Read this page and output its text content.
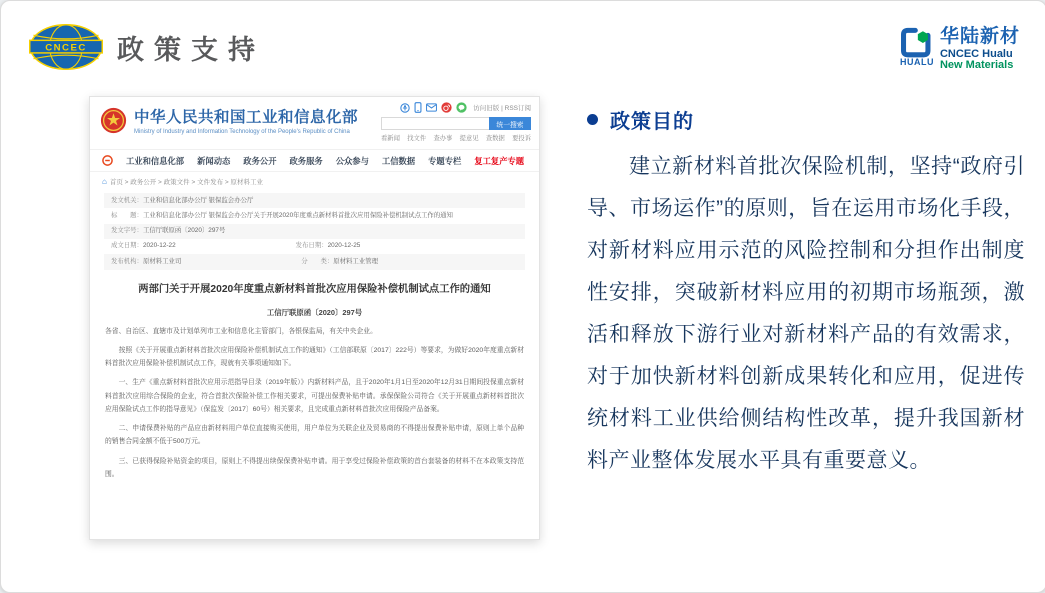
CNCEC 政策支持	HUALU
华陆新材
CNCEC Hualu
New Materials
中华人民共和国工业和信息化部
Ministry of Industry and Information Technology of the People's Republic of China
访问旧版 | RSS订阅
统一搜索
看新闻 找文件 查办事 提意见 查数据 要投诉
工业和信息化部 新闻动态 政务公开 政务服务 公众参与 工信数据 专题专栏 复工复产专题
⌂ 首页 > 政务公开 > 政策文件 > 文件发布 > 原材料工业
发文机关： 工业和信息化部办公厅 银保监会办公厅
标　　题： 工业和信息化部办公厅 银保监会办公厅关于开展2020年度重点新材料首批次应用保险补偿机制试点工作的通知
发文字号： 工信厅联原函〔2020〕297号
成文日期： 2020-12-22	发布日期： 2020-12-25
发布机构： 原材料工业司	分　　类： 原材料工业管理
两部门关于开展2020年度重点新材料首批次应用保险补偿机制试点工作的通知
工信厅联原函〔2020〕297号

各省、自治区、直辖市及计划单列市工业和信息化主管部门，各银保监局，有关中央企业。

按照《关于开展重点新材料首批次应用保险补偿机制试点工作的通知》（工信部联原〔2017〕222号）等要求，为做好2020年度重点新材料首批次应用保险补偿机制试点工作，现就有关事项通知如下。

一、生产《重点新材料首批次应用示范指导目录（2019年版）》内新材料产品，且于2020年1月1日至2020年12月31日期间投保重点新材料首批次应用综合保险的企业，符合首批次保险补偿工作相关要求，可提出保费补贴申请。承保保险公司符合《关于开展重点新材料首批次应用保险试点工作的指导意见》（保监发〔2017〕60号）相关要求，且完成重点新材料首批次应用保险产品备案。

二、申请保费补贴的产品应由新材料用户单位直接购买使用，用户单位为关联企业及贸易商的不得提出保费补贴申请，原则上单个品种的销售合同金额不低于500万元。

三、已获得保险补贴资金的项目，原则上不得提出续保保费补贴申请。用于享受过保险补偿政策的首台套装备的材料不在本政策支持范围。

政策目的
建立新材料首批次保险机制，坚持“政府引导、市场运作”的原则，旨在运用市场化手段，对新材料应用示范的风险控制和分担作出制度性安排，突破新材料应用的初期市场瓶颈，激活和释放下游行业对新材料产品的有效需求，对于加快新材料创新成果转化和应用，促进传统材料工业供给侧结构性改革，提升我国新材料产业整体发展水平具有重要意义。
